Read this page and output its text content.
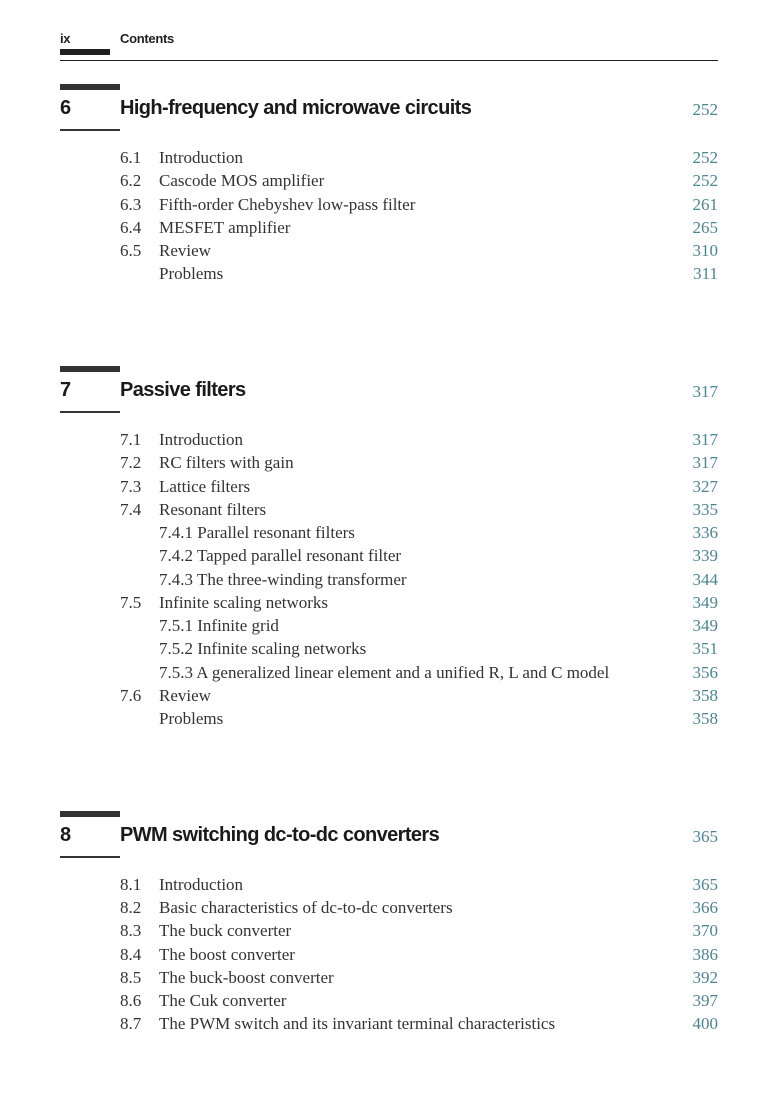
ix	Contents
6 High-frequency and microwave circuits	252
6.1 Introduction	252
6.2 Cascode MOS amplifier	252
6.3 Fifth-order Chebyshev low-pass filter	261
6.4 MESFET amplifier	265
6.5 Review	310
Problems	311
7 Passive filters	317
7.1 Introduction	317
7.2 RC filters with gain	317
7.3 Lattice filters	327
7.4 Resonant filters	335
7.4.1 Parallel resonant filters	336
7.4.2 Tapped parallel resonant filter	339
7.4.3 The three-winding transformer	344
7.5 Infinite scaling networks	349
7.5.1 Infinite grid	349
7.5.2 Infinite scaling networks	351
7.5.3 A generalized linear element and a unified R, L and C model	356
7.6 Review	358
Problems	358
8 PWM switching dc-to-dc converters	365
8.1 Introduction	365
8.2 Basic characteristics of dc-to-dc converters	366
8.3 The buck converter	370
8.4 The boost converter	386
8.5 The buck-boost converter	392
8.6 The Cuk converter	397
8.7 The PWM switch and its invariant terminal characteristics	400
